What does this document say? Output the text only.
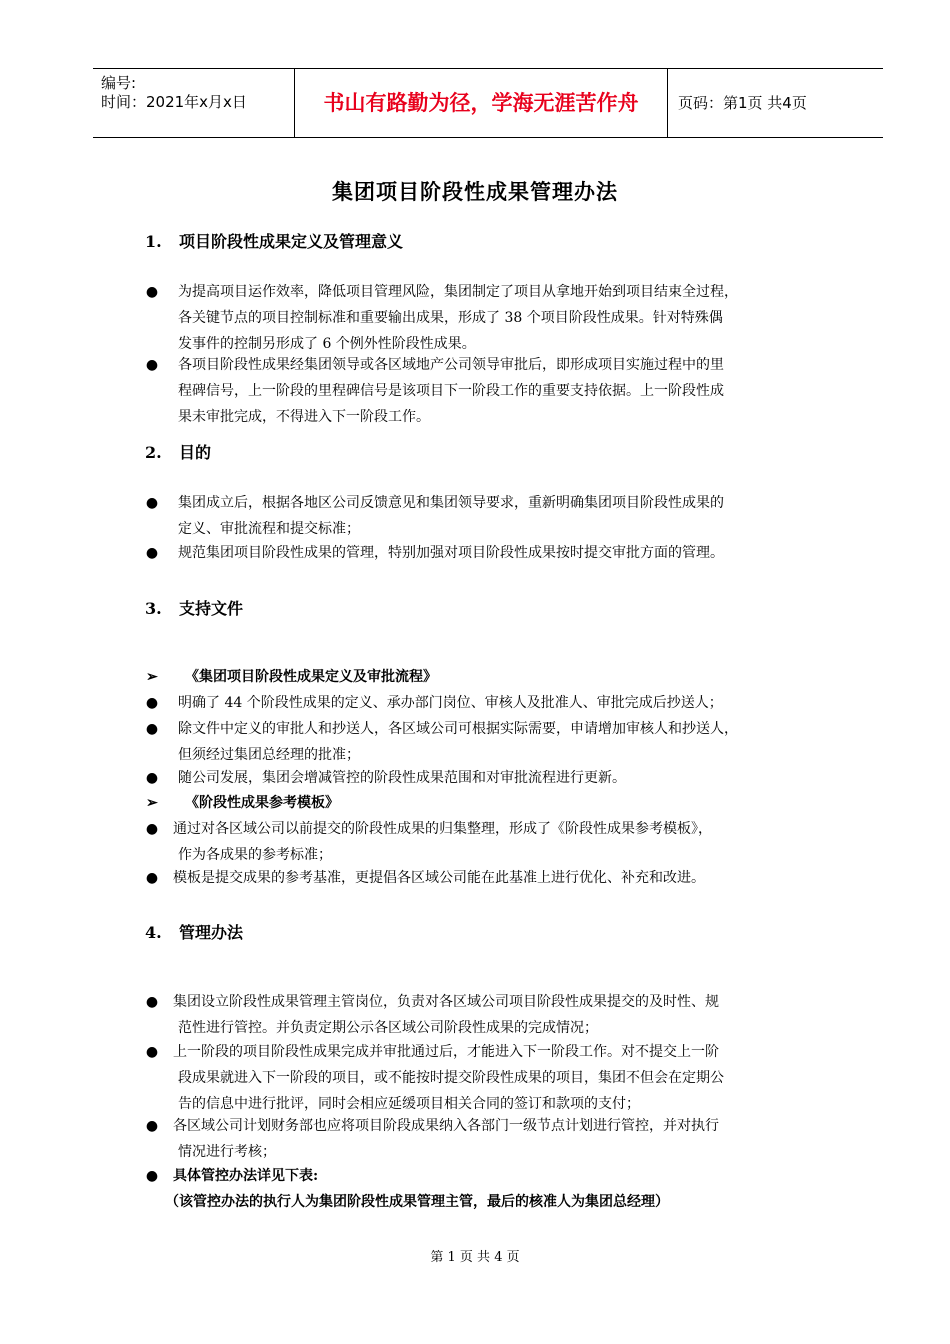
编号:
时间：2021年x月x日	书山有路勤为径，学海无涯苦作舟	页码：第1页 共4页
集团项目阶段性成果管理办法
1. 项目阶段性成果定义及管理意义
● 为提高项目运作效率，降低项目管理风险，集团制定了项目从拿地开始到项目结束全过程，
各关键节点的项目控制标准和重要输出成果，形成了 38 个项目阶段性成果。针对特殊偶
发事件的控制另形成了 6 个例外性阶段性成果。
● 各项目阶段性成果经集团领导或各区域地产公司领导审批后，即形成项目实施过程中的里
程碑信号，上一阶段的里程碑信号是该项目下一阶段工作的重要支持依据。上一阶段性成
果未审批完成，不得进入下一阶段工作。
2. 目的
● 集团成立后，根据各地区公司反馈意见和集团领导要求，重新明确集团项目阶段性成果的
定义、审批流程和提交标准；
● 规范集团项目阶段性成果的管理，特别加强对项目阶段性成果按时提交审批方面的管理。
3. 支持文件
➢ 《集团项目阶段性成果定义及审批流程》
● 明确了 44 个阶段性成果的定义、承办部门岗位、审核人及批准人、审批完成后抄送人；
● 除文件中定义的审批人和抄送人，各区域公司可根据实际需要，申请增加审核人和抄送人，
但须经过集团总经理的批准；
● 随公司发展，集团会增减管控的阶段性成果范围和对审批流程进行更新。
➢ 《阶段性成果参考模板》
● 通过对各区域公司以前提交的阶段性成果的归集整理，形成了《阶段性成果参考模板》，
作为各成果的参考标准；
● 模板是提交成果的参考基准，更提倡各区域公司能在此基准上进行优化、补充和改进。
4. 管理办法
● 集团设立阶段性成果管理主管岗位，负责对各区域公司项目阶段性成果提交的及时性、规
范性进行管控。并负责定期公示各区域公司阶段性成果的完成情况；
● 上一阶段的项目阶段性成果完成并审批通过后，才能进入下一阶段工作。对不提交上一阶
段成果就进入下一阶段的项目，或不能按时提交阶段性成果的项目，集团不但会在定期公
告的信息中进行批评，同时会相应延缓项目相关合同的签订和款项的支付；
● 各区域公司计划财务部也应将项目阶段成果纳入各部门一级节点计划进行管控，并对执行
情况进行考核；
● 具体管控办法详见下表:
（该管控办法的执行人为集团阶段性成果管理主管，最后的核准人为集团总经理）
第 1 页 共 4 页
